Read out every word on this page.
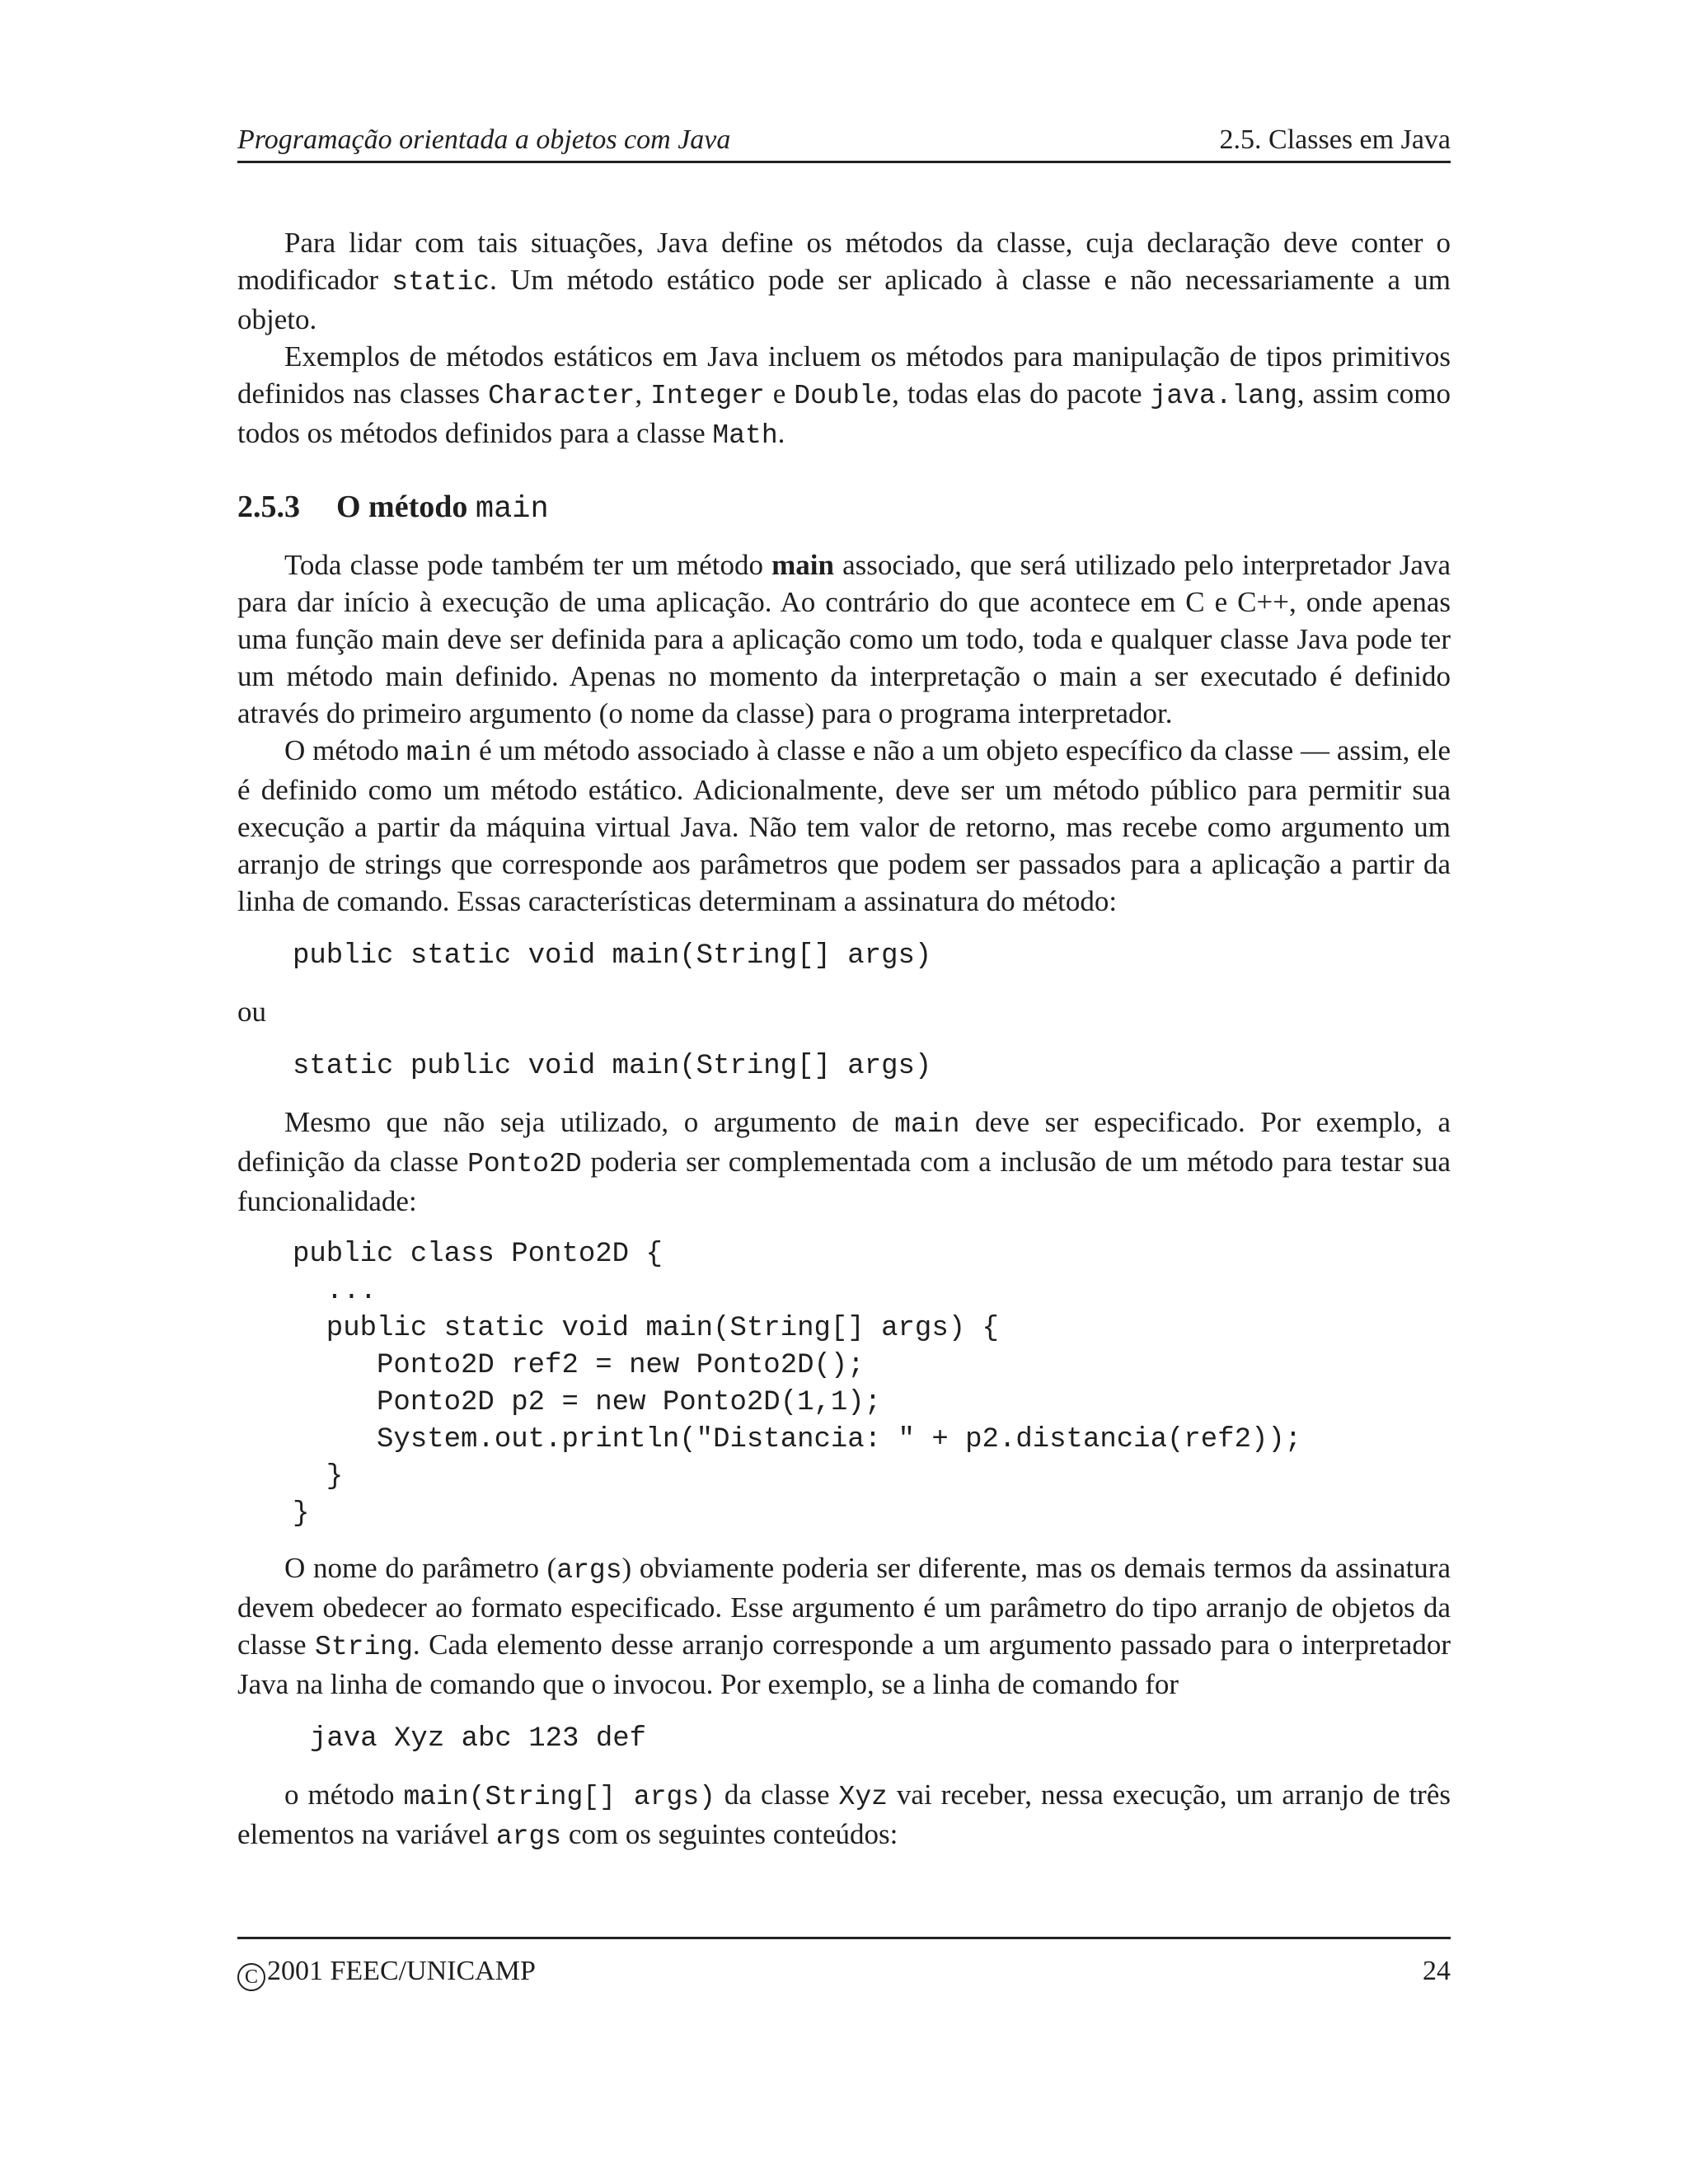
Programação orientada a objetos com Java	2.5. Classes em Java

Para lidar com tais situações, Java define os métodos da classe, cuja declaração deve conter o modificador static. Um método estático pode ser aplicado à classe e não necessariamente a um objeto.

Exemplos de métodos estáticos em Java incluem os métodos para manipulação de tipos primitivos definidos nas classes Character, Integer e Double, todas elas do pacote java.lang, assim como todos os métodos definidos para a classe Math.

2.5.3 O método main

Toda classe pode também ter um método main associado, que será utilizado pelo interpretador Java para dar início à execução de uma aplicação. Ao contrário do que acontece em C e C++, onde apenas uma função main deve ser definida para a aplicação como um todo, toda e qualquer classe Java pode ter um método main definido. Apenas no momento da interpretação o main a ser executado é definido através do primeiro argumento (o nome da classe) para o programa interpretador.

O método main é um método associado à classe e não a um objeto específico da classe — assim, ele é definido como um método estático. Adicionalmente, deve ser um método público para permitir sua execução a partir da máquina virtual Java. Não tem valor de retorno, mas recebe como argumento um arranjo de strings que corresponde aos parâmetros que podem ser passados para a aplicação a partir da linha de comando. Essas características determinam a assinatura do método:

public static void main(String[] args)

ou

static public void main(String[] args)

Mesmo que não seja utilizado, o argumento de main deve ser especificado. Por exemplo, a definição da classe Ponto2D poderia ser complementada com a inclusão de um método para testar sua funcionalidade:

public class Ponto2D {
...
public static void main(String[] args) {
Ponto2D ref2 = new Ponto2D();
Ponto2D p2 = new Ponto2D(1,1);
System.out.println("Distancia: " + p2.distancia(ref2));
}
}

O nome do parâmetro (args) obviamente poderia ser diferente, mas os demais termos da assinatura devem obedecer ao formato especificado. Esse argumento é um parâmetro do tipo arranjo de objetos da classe String. Cada elemento desse arranjo corresponde a um argumento passado para o interpretador Java na linha de comando que o invocou. Por exemplo, se a linha de comando for

java Xyz abc 123 def

o método main(String[] args) da classe Xyz vai receber, nessa execução, um arranjo de três elementos na variável args com os seguintes conteúdos:

C 2001 FEEC/UNICAMP	24
